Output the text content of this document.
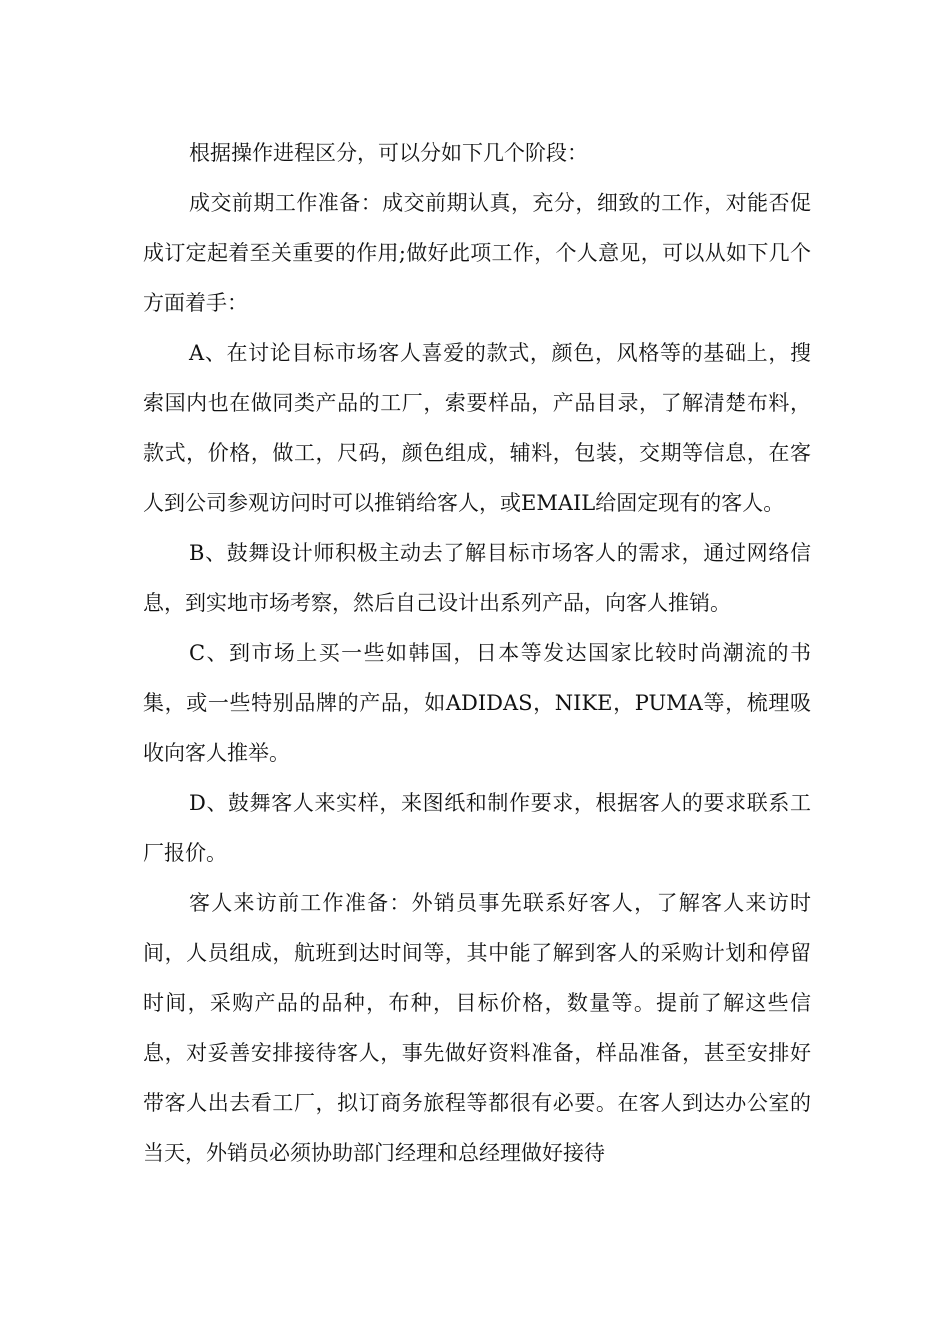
根据操作进程区分，可以分如下几个阶段：

成交前期工作准备：成交前期认真，充分，细致的工作，对能否促成订定起着至关重要的作用;做好此项工作，个人意见，可以从如下几个方面着手：

A、在讨论目标市场客人喜爱的款式，颜色，风格等的基础上，搜索国内也在做同类产品的工厂，索要样品，产品目录，了解清楚布料，款式，价格，做工，尺码，颜色组成，辅料，包装，交期等信息，在客人到公司参观访问时可以推销给客人，或EMAIL给固定现有的客人。

B、鼓舞设计师积极主动去了解目标市场客人的需求，通过网络信息，到实地市场考察，然后自己设计出系列产品，向客人推销。

C、到市场上买一些如韩国，日本等发达国家比较时尚潮流的书集，或一些特别品牌的产品，如ADIDAS，NIKE，PUMA等，梳理吸收向客人推举。

D、鼓舞客人来实样，来图纸和制作要求，根据客人的要求联系工厂报价。

客人来访前工作准备：外销员事先联系好客人，了解客人来访时间，人员组成，航班到达时间等，其中能了解到客人的采购计划和停留时间，采购产品的品种，布种，目标价格，数量等。提前了解这些信息，对妥善安排接待客人，事先做好资料准备，样品准备，甚至安排好带客人出去看工厂，拟订商务旅程等都很有必要。在客人到达办公室的当天，外销员必须协助部门经理和总经理做好接待
